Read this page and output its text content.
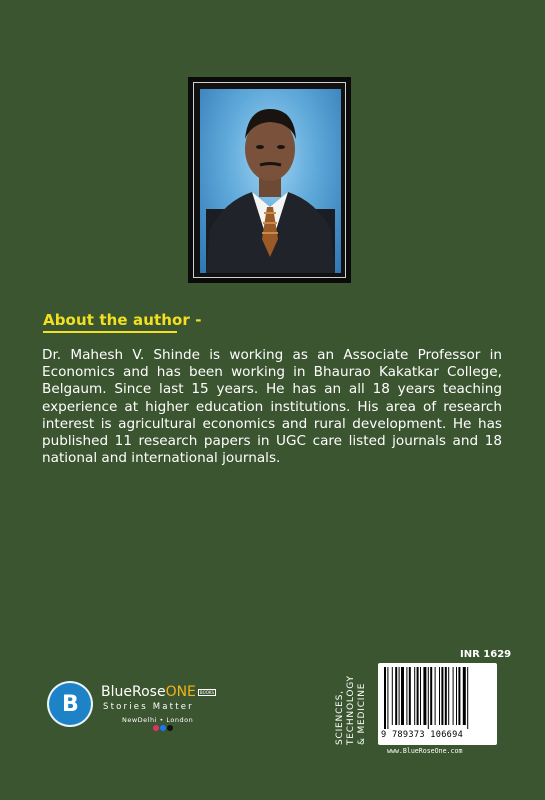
About the author -

Dr. Mahesh V. Shinde is working as an Associate Professor in Economics and has been working in Bhaurao Kakatkar College, Belgaum. Since last 15 years. He has an all 18 years teaching experience at higher education institutions. His area of research interest is agricultural economics and rural development. He has published 11 research papers in UGC care listed journals and 18 national and international journals.

B BlueRoseONE BOOKS
Stories Matter
NewDelhi • London
INR 1629
SCIENCES, TECHNOLOGY & MEDICINE 9 789373 106694
www.BlueRoseOne.com
